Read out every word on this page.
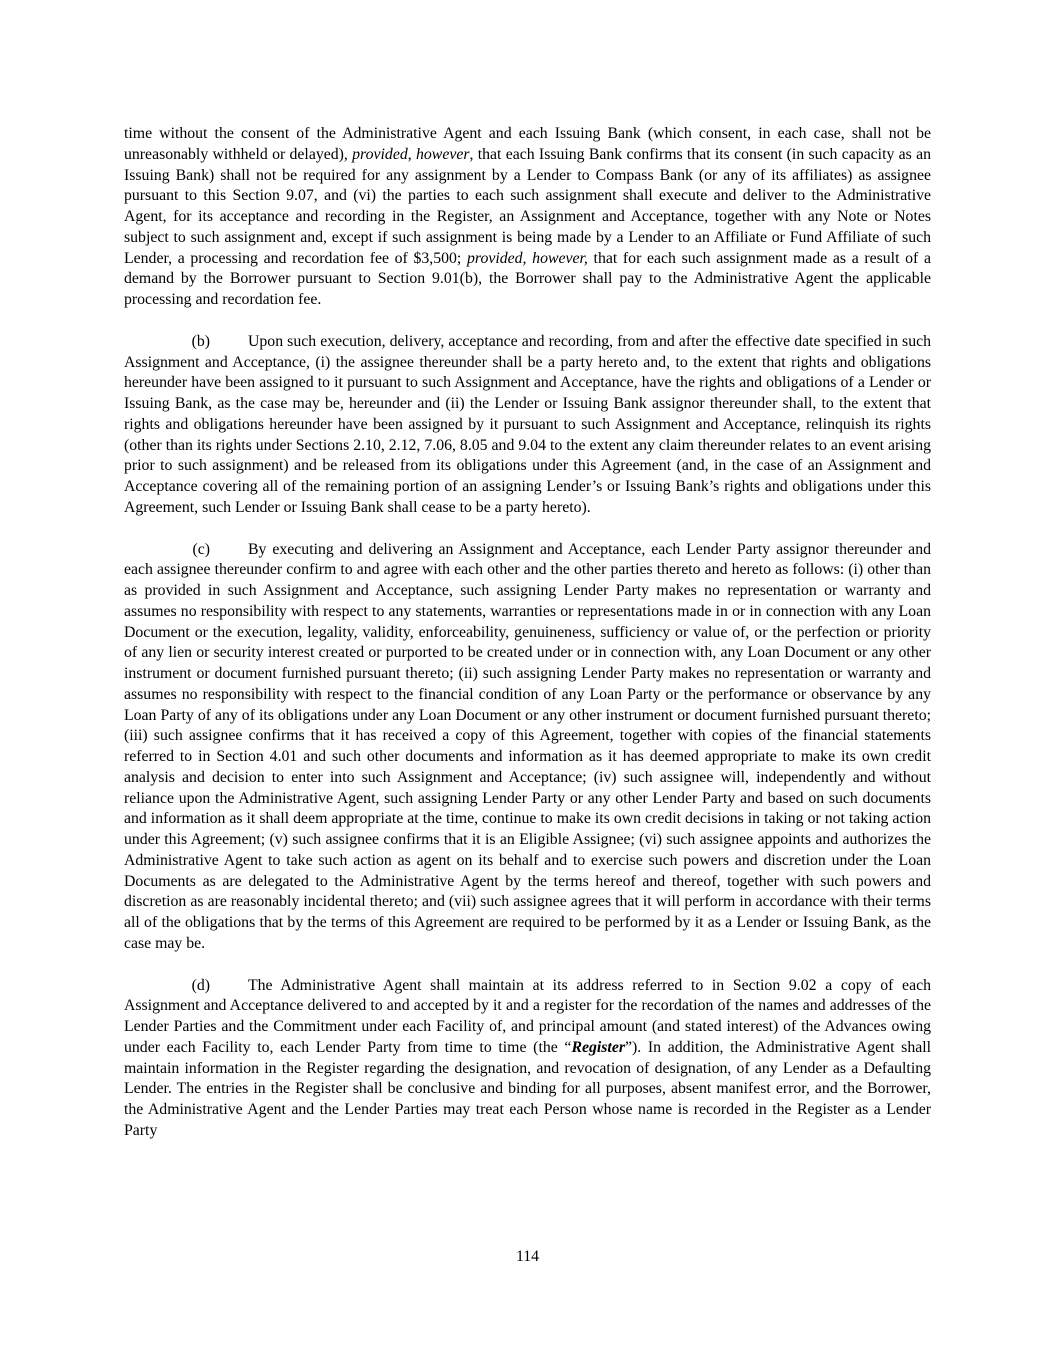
time without the consent of the Administrative Agent and each Issuing Bank (which consent, in each case, shall not be unreasonably withheld or delayed), provided, however, that each Issuing Bank confirms that its consent (in such capacity as an Issuing Bank) shall not be required for any assignment by a Lender to Compass Bank (or any of its affiliates) as assignee pursuant to this Section 9.07, and (vi) the parties to each such assignment shall execute and deliver to the Administrative Agent, for its acceptance and recording in the Register, an Assignment and Acceptance, together with any Note or Notes subject to such assignment and, except if such assignment is being made by a Lender to an Affiliate or Fund Affiliate of such Lender, a processing and recordation fee of $3,500; provided, however, that for each such assignment made as a result of a demand by the Borrower pursuant to Section 9.01(b), the Borrower shall pay to the Administrative Agent the applicable processing and recordation fee.

(b) Upon such execution, delivery, acceptance and recording, from and after the effective date specified in such Assignment and Acceptance, (i) the assignee thereunder shall be a party hereto and, to the extent that rights and obligations hereunder have been assigned to it pursuant to such Assignment and Acceptance, have the rights and obligations of a Lender or Issuing Bank, as the case may be, hereunder and (ii) the Lender or Issuing Bank assignor thereunder shall, to the extent that rights and obligations hereunder have been assigned by it pursuant to such Assignment and Acceptance, relinquish its rights (other than its rights under Sections 2.10, 2.12, 7.06, 8.05 and 9.04 to the extent any claim thereunder relates to an event arising prior to such assignment) and be released from its obligations under this Agreement (and, in the case of an Assignment and Acceptance covering all of the remaining portion of an assigning Lender’s or Issuing Bank’s rights and obligations under this Agreement, such Lender or Issuing Bank shall cease to be a party hereto).

(c) By executing and delivering an Assignment and Acceptance, each Lender Party assignor thereunder and each assignee thereunder confirm to and agree with each other and the other parties thereto and hereto as follows: (i) other than as provided in such Assignment and Acceptance, such assigning Lender Party makes no representation or warranty and assumes no responsibility with respect to any statements, warranties or representations made in or in connection with any Loan Document or the execution, legality, validity, enforceability, genuineness, sufficiency or value of, or the perfection or priority of any lien or security interest created or purported to be created under or in connection with, any Loan Document or any other instrument or document furnished pursuant thereto; (ii) such assigning Lender Party makes no representation or warranty and assumes no responsibility with respect to the financial condition of any Loan Party or the performance or observance by any Loan Party of any of its obligations under any Loan Document or any other instrument or document furnished pursuant thereto; (iii) such assignee confirms that it has received a copy of this Agreement, together with copies of the financial statements referred to in Section 4.01 and such other documents and information as it has deemed appropriate to make its own credit analysis and decision to enter into such Assignment and Acceptance; (iv) such assignee will, independently and without reliance upon the Administrative Agent, such assigning Lender Party or any other Lender Party and based on such documents and information as it shall deem appropriate at the time, continue to make its own credit decisions in taking or not taking action under this Agreement; (v) such assignee confirms that it is an Eligible Assignee; (vi) such assignee appoints and authorizes the Administrative Agent to take such action as agent on its behalf and to exercise such powers and discretion under the Loan Documents as are delegated to the Administrative Agent by the terms hereof and thereof, together with such powers and discretion as are reasonably incidental thereto; and (vii) such assignee agrees that it will perform in accordance with their terms all of the obligations that by the terms of this Agreement are required to be performed by it as a Lender or Issuing Bank, as the case may be.

(d) The Administrative Agent shall maintain at its address referred to in Section 9.02 a copy of each Assignment and Acceptance delivered to and accepted by it and a register for the recordation of the names and addresses of the Lender Parties and the Commitment under each Facility of, and principal amount (and stated interest) of the Advances owing under each Facility to, each Lender Party from time to time (the “Register”). In addition, the Administrative Agent shall maintain information in the Register regarding the designation, and revocation of designation, of any Lender as a Defaulting Lender. The entries in the Register shall be conclusive and binding for all purposes, absent manifest error, and the Borrower, the Administrative Agent and the Lender Parties may treat each Person whose name is recorded in the Register as a Lender Party

114
